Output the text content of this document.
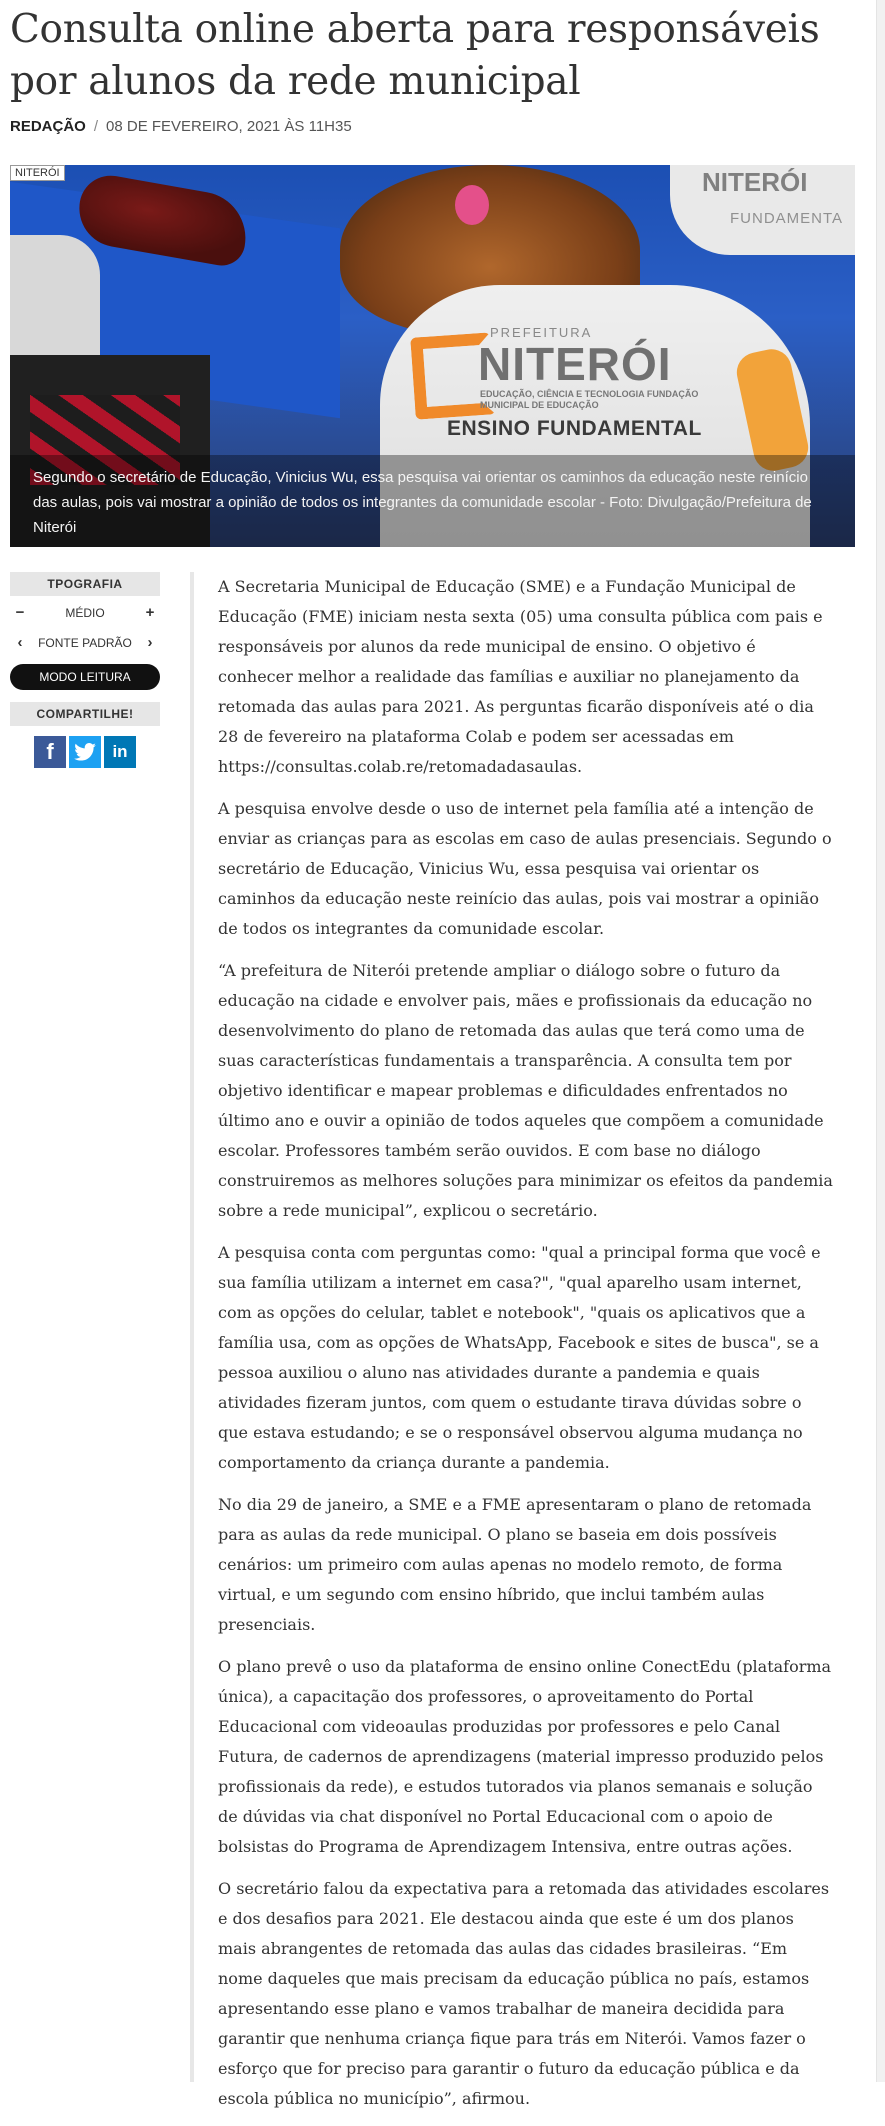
Consulta online aberta para responsáveis por alunos da rede municipal
REDAÇÃO / 08 DE FEVEREIRO, 2021 ÀS 11H35
NITERÓI
FUNDAMENTA
PREFEITURA
NITERÓI
EDUCAÇÃO, CIÊNCIA E TECNOLOGIA FUNDAÇÃO MUNICIPAL DE EDUCAÇÃO
ENSINO FUNDAMENTAL
NITERÓI
Segundo o secretário de Educação, Vinicius Wu, essa pesquisa vai orientar os caminhos da educação neste reinício das aulas, pois vai mostrar a opinião de todos os integrantes da comunidade escolar - Foto: Divulgação/Prefeitura de Niterói
TPOGRAFIA
−	MÉDIO	+
‹	FONTE PADRÃO	›
MODO LEITURA
COMPARTILHE!
f	in

A Secretaria Municipal de Educação (SME) e a Fundação Municipal de Educação (FME) iniciam nesta sexta (05) uma consulta pública com pais e responsáveis por alunos da rede municipal de ensino. O objetivo é conhecer melhor a realidade das famílias e auxiliar no planejamento da retomada das aulas para 2021. As perguntas ficarão disponíveis até o dia 28 de fevereiro na plataforma Colab e podem ser acessadas em https://consultas.colab.re/retomadadasaulas.

A pesquisa envolve desde o uso de internet pela família até a intenção de enviar as crianças para as escolas em caso de aulas presenciais. Segundo o secretário de Educação, Vinicius Wu, essa pesquisa vai orientar os caminhos da educação neste reinício das aulas, pois vai mostrar a opinião de todos os integrantes da comunidade escolar.

“A prefeitura de Niterói pretende ampliar o diálogo sobre o futuro da educação na cidade e envolver pais, mães e profissionais da educação no desenvolvimento do plano de retomada das aulas que terá como uma de suas características fundamentais a transparência. A consulta tem por objetivo identificar e mapear problemas e dificuldades enfrentados no último ano e ouvir a opinião de todos aqueles que compõem a comunidade escolar. Professores também serão ouvidos. E com base no diálogo construiremos as melhores soluções para minimizar os efeitos da pandemia sobre a rede municipal”, explicou o secretário.

A pesquisa conta com perguntas como: "qual a principal forma que você e sua família utilizam a internet em casa?", "qual aparelho usam internet, com as opções do celular, tablet e notebook", "quais os aplicativos que a família usa, com as opções de WhatsApp, Facebook e sites de busca", se a pessoa auxiliou o aluno nas atividades durante a pandemia e quais atividades fizeram juntos, com quem o estudante tirava dúvidas sobre o que estava estudando; e se o responsável observou alguma mudança no comportamento da criança durante a pandemia.

No dia 29 de janeiro, a SME e a FME apresentaram o plano de retomada para as aulas da rede municipal. O plano se baseia em dois possíveis cenários: um primeiro com aulas apenas no modelo remoto, de forma virtual, e um segundo com ensino híbrido, que inclui também aulas presenciais.

O plano prevê o uso da plataforma de ensino online ConectEdu (plataforma única), a capacitação dos professores, o aproveitamento do Portal Educacional com videoaulas produzidas por professores e pelo Canal Futura, de cadernos de aprendizagens (material impresso produzido pelos profissionais da rede), e estudos tutorados via planos semanais e solução de dúvidas via chat disponível no Portal Educacional com o apoio de bolsistas do Programa de Aprendizagem Intensiva, entre outras ações.

O secretário falou da expectativa para a retomada das atividades escolares e dos desafios para 2021. Ele destacou ainda que este é um dos planos mais abrangentes de retomada das aulas das cidades brasileiras. “Em nome daqueles que mais precisam da educação pública no país, estamos apresentando esse plano e vamos trabalhar de maneira decidida para garantir que nenhuma criança fique para trás em Niterói. Vamos fazer o esforço que for preciso para garantir o futuro da educação pública e da escola pública no município”, afirmou.
